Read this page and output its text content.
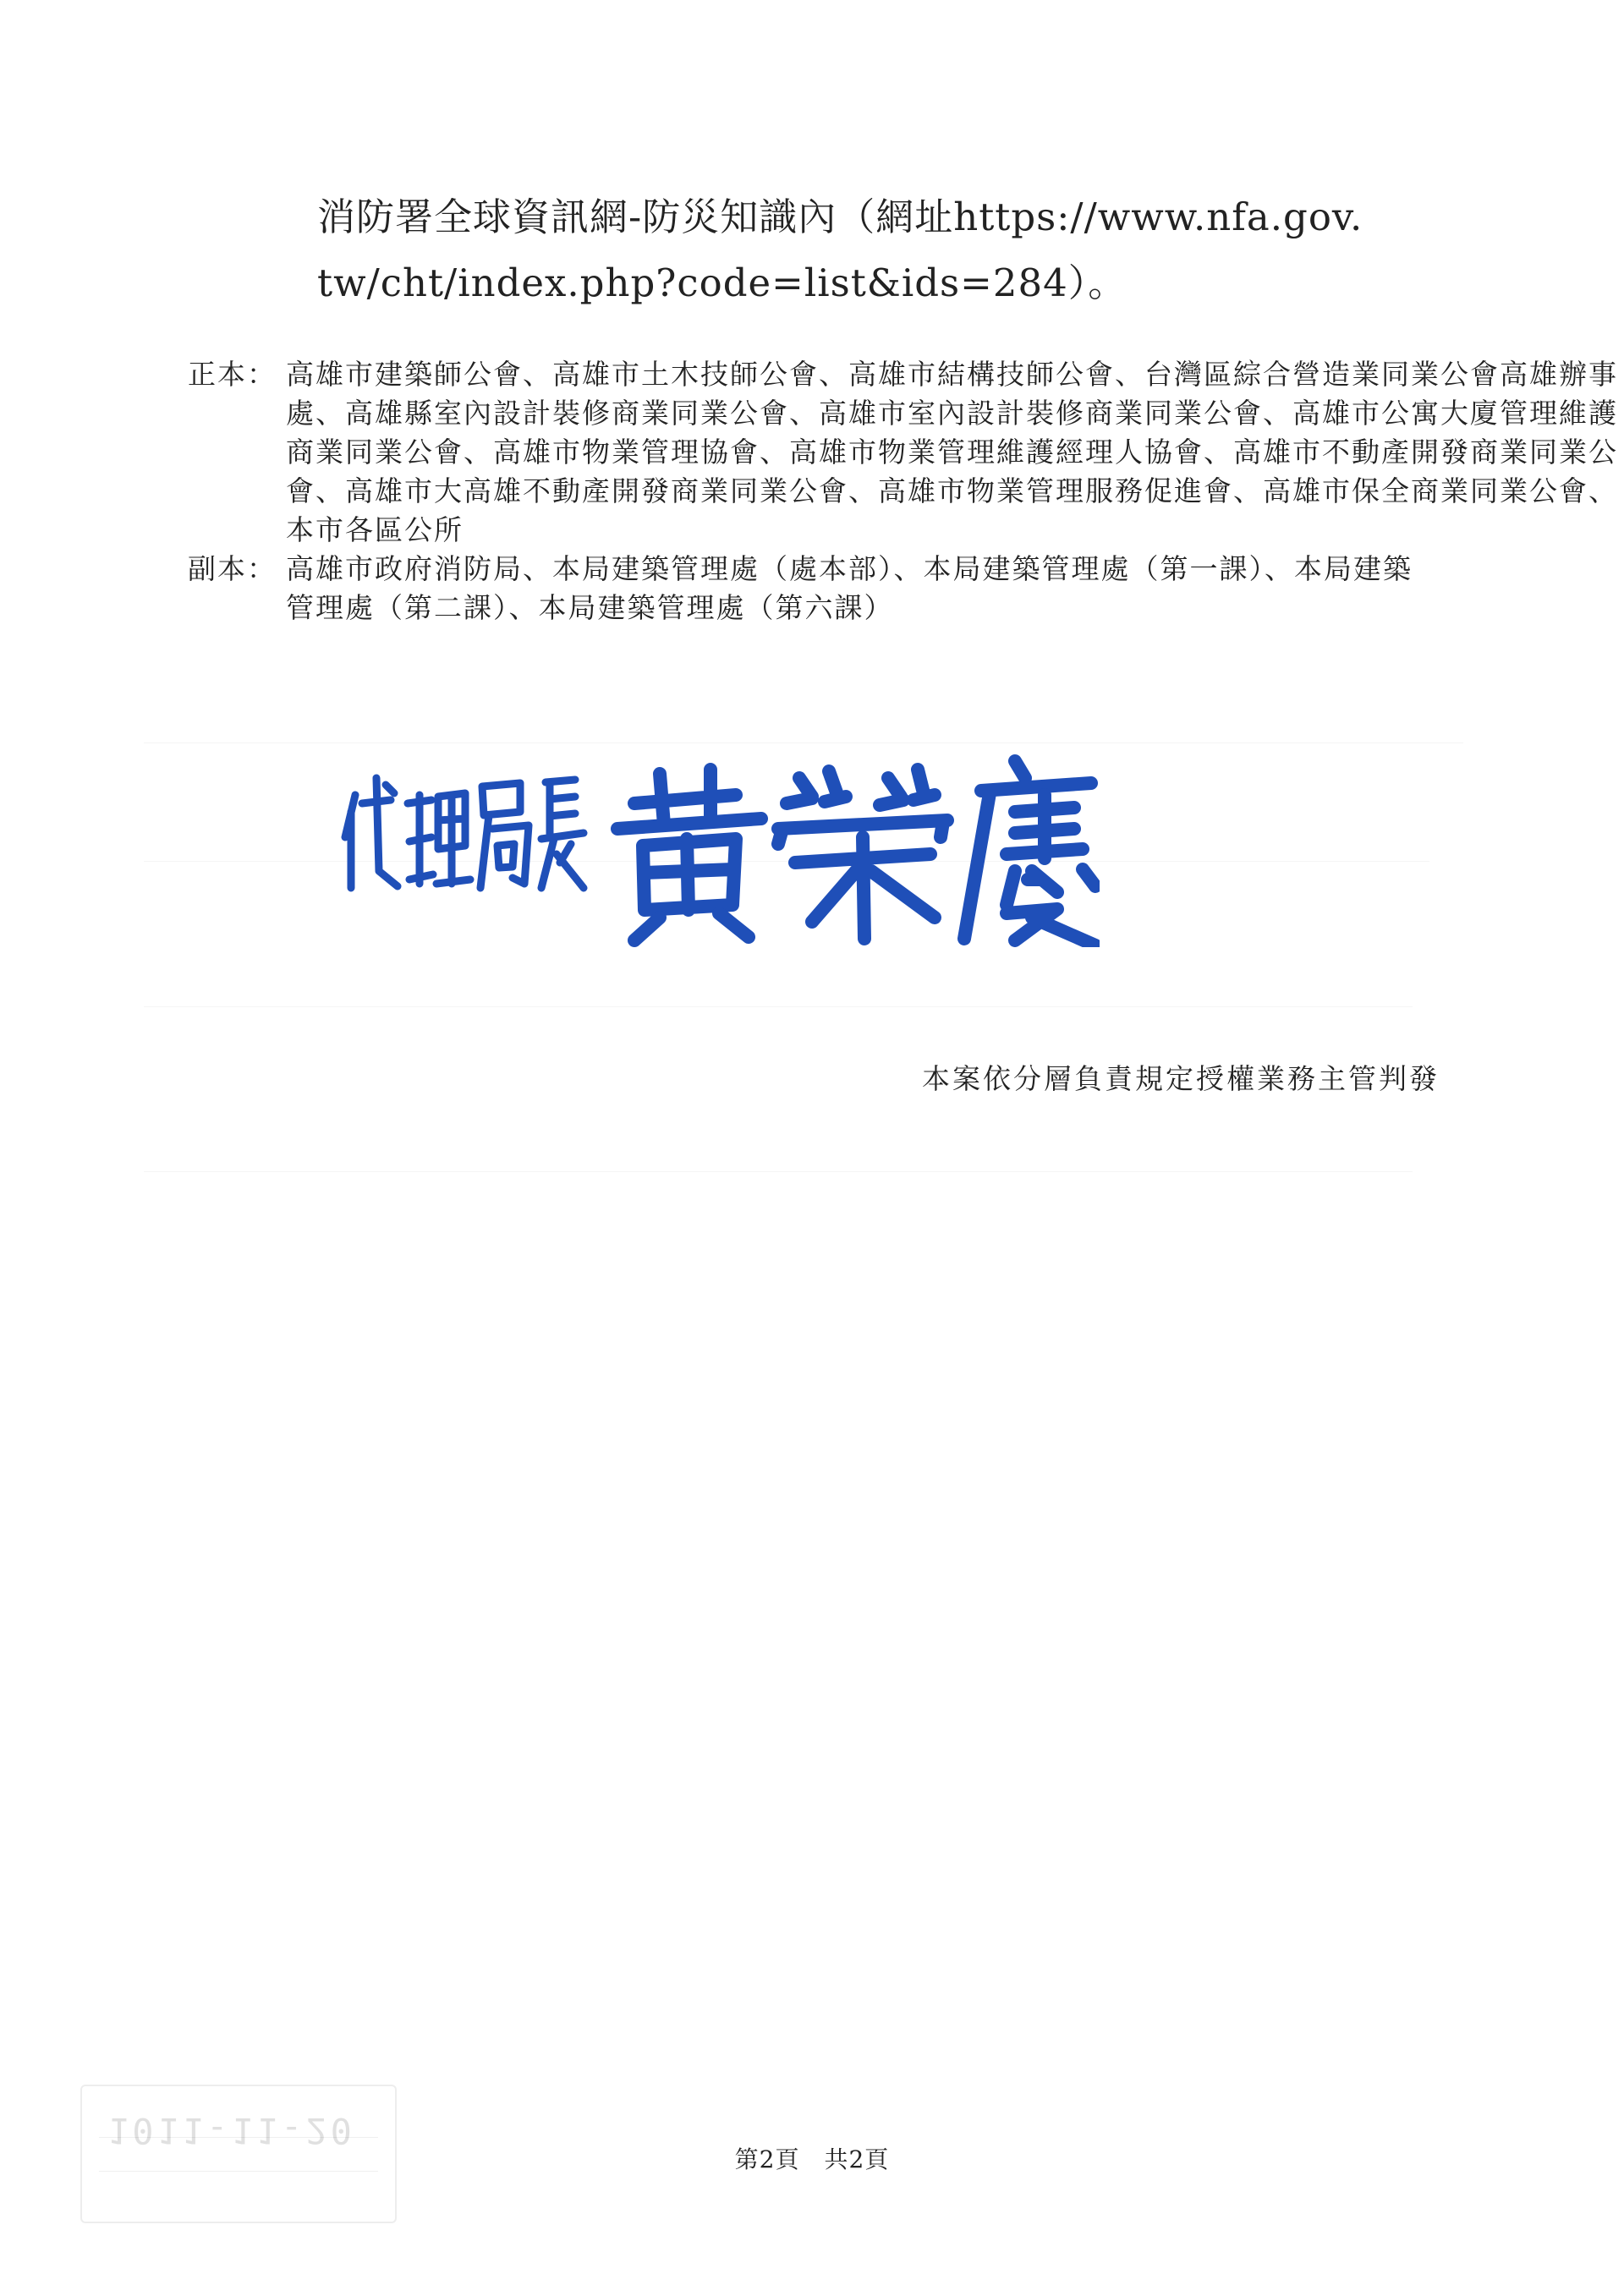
消防署全球資訊網-防災知識內（網址https://www.nfa.gov.
tw/cht/index.php?code=list&ids=284）。
正本： 高雄市建築師公會、高雄市土木技師公會、高雄市結構技師公會、台灣區綜合營造業同業公會高雄辦事處、高雄縣室內設計裝修商業同業公會、高雄市室內設計裝修商業同業公會、高雄市公寓大廈管理維護商業同業公會、高雄市物業管理協會、高雄市物業管理維護經理人協會、高雄市不動產開發商業同業公會、高雄市大高雄不動產開發商業同業公會、高雄市物業管理服務促進會、高雄市保全商業同業公會、本市各區公所
副本： 高雄市政府消防局、本局建築管理處（處本部）、本局建築管理處（第一課）、本局建築管理處（第二課）、本局建築管理處（第六課）
本案依分層負責規定授權業務主管判發
1011-11-20
第2頁　共2頁
